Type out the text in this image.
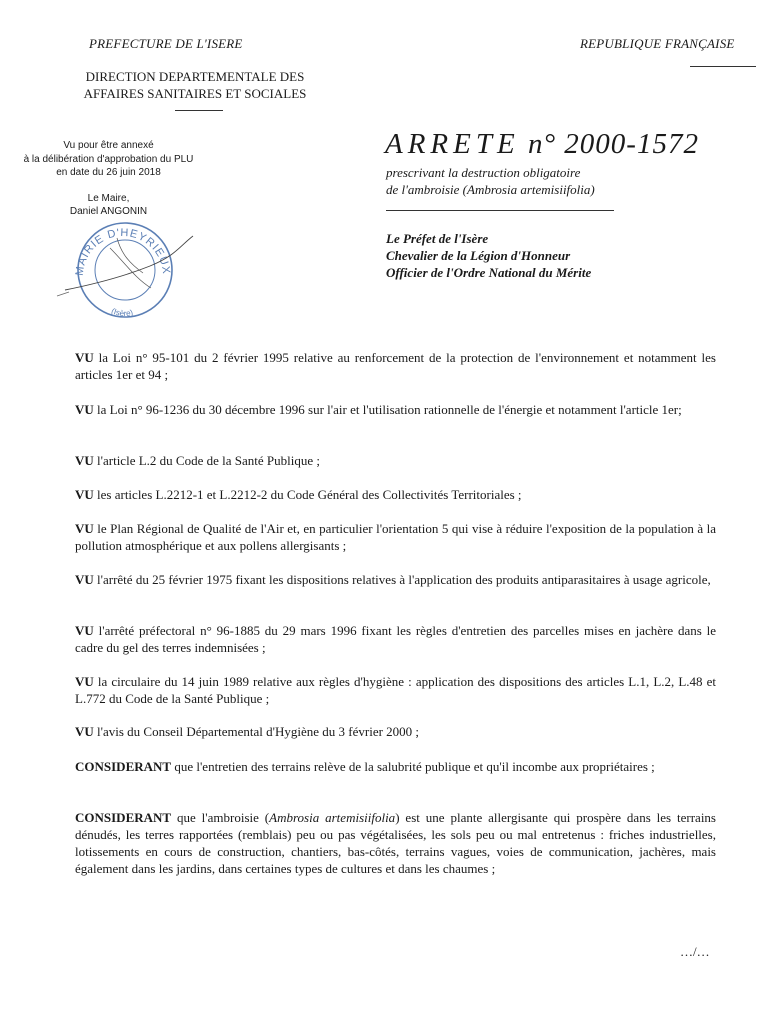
PREFECTURE DE L'ISERE	REPUBLIQUE FRANÇAISE
DIRECTION DEPARTEMENTALE DES
AFFAIRES SANITAIRES ET SOCIALES
Vu pour être annexé
à la délibération d'approbation du PLU
en date du 26 juin 2018
Le Maire,
Daniel ANGONIN
MAIRIE D'HEYRIEUX
(Isère)
ARRETE n° 2000-1572
prescrivant la destruction obligatoire
de l'ambroisie (Ambrosia artemisiifolia)
Le Préfet de l'Isère
Chevalier de la Légion d'Honneur
Officier de l'Ordre National du Mérite
VU la Loi n° 95-101 du 2 février 1995 relative au renforcement de la protection de l'environnement et notamment les articles 1er et 94 ;
VU la Loi n° 96-1236 du 30 décembre 1996 sur l'air et l'utilisation rationnelle de l'énergie et notamment l'article 1er;
VU l'article L.2 du Code de la Santé Publique ;
VU les articles L.2212-1 et L.2212-2 du Code Général des Collectivités Territoriales ;
VU le Plan Régional de Qualité de l'Air et, en particulier l'orientation 5 qui vise à réduire l'exposition de la population à la pollution atmosphérique et aux pollens allergisants ;
VU l'arrêté du 25 février 1975 fixant les dispositions relatives à l'application des produits antiparasitaires à usage agricole,
VU l'arrêté préfectoral n° 96-1885 du 29 mars 1996 fixant les règles d'entretien des parcelles mises en jachère dans le cadre du gel des terres indemnisées ;
VU la circulaire du 14 juin 1989 relative aux règles d'hygiène : application des dispositions des articles L.1, L.2, L.48 et L.772 du Code de la Santé Publique ;
VU l'avis du Conseil Départemental d'Hygiène du 3 février 2000 ;
CONSIDERANT que l'entretien des terrains relève de la salubrité publique et qu'il incombe aux propriétaires ;
CONSIDERANT que l'ambroisie (Ambrosia artemisiifolia) est une plante allergisante qui prospère dans les terrains dénudés, les terres rapportées (remblais) peu ou pas végétalisées, les sols peu ou mal entretenus : friches industrielles, lotissements en cours de construction, chantiers, bas-côtés, terrains vagues, voies de communication, jachères, mais également dans les jardins, dans certaines types de cultures et dans les chaumes ;
…/…
